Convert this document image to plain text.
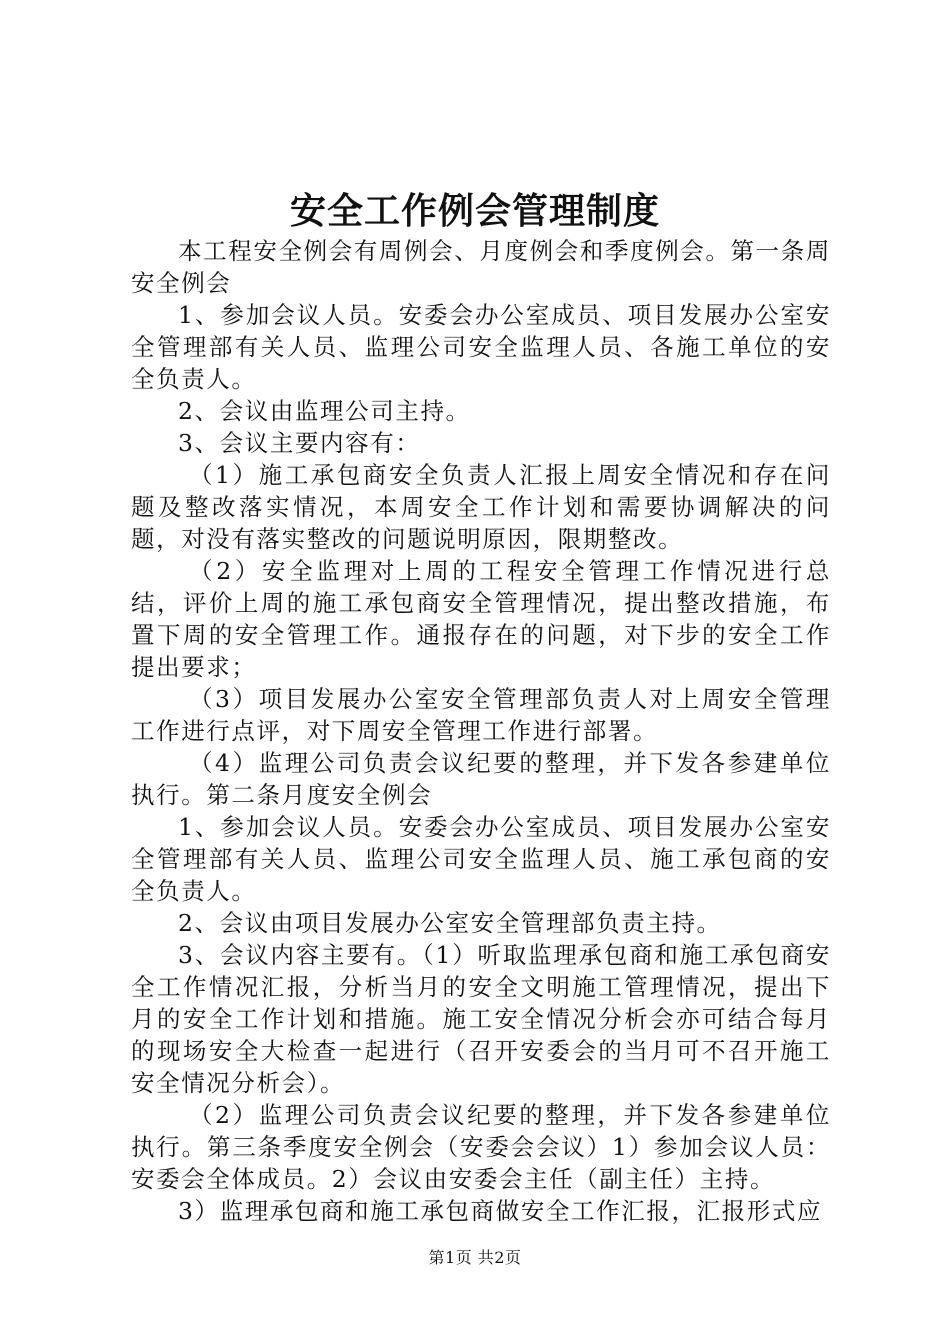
安全工作例会管理制度

本工程安全例会有周例会、月度例会和季度例会。第一条周安全例会

1、参加会议人员。安委会办公室成员、项目发展办公室安全管理部有关人员、监理公司安全监理人员、各施工单位的安全负责人。

2、会议由监理公司主持。

3、会议主要内容有：

（1）施工承包商安全负责人汇报上周安全情况和存在问题及整改落实情况，本周安全工作计划和需要协调解决的问题，对没有落实整改的问题说明原因，限期整改。

（2）安全监理对上周的工程安全管理工作情况进行总结，评价上周的施工承包商安全管理情况，提出整改措施，布置下周的安全管理工作。通报存在的问题，对下步的安全工作提出要求；

（3）项目发展办公室安全管理部负责人对上周安全管理工作进行点评，对下周安全管理工作进行部署。

（4）监理公司负责会议纪要的整理，并下发各参建单位执行。第二条月度安全例会

1、参加会议人员。安委会办公室成员、项目发展办公室安全管理部有关人员、监理公司安全监理人员、施工承包商的安全负责人。

2、会议由项目发展办公室安全管理部负责主持。

3、会议内容主要有。（1）听取监理承包商和施工承包商安全工作情况汇报，分析当月的安全文明施工管理情况，提出下月的安全工作计划和措施。施工安全情况分析会亦可结合每月的现场安全大检查一起进行（召开安委会的当月可不召开施工安全情况分析会）。

（2）监理公司负责会议纪要的整理，并下发各参建单位执行。第三条季度安全例会（安委会会议）1）参加会议人员：安委会全体成员。2）会议由安委会主任（副主任）主持。

3）监理承包商和施工承包商做安全工作汇报，汇报形式应

第1页 共2页
